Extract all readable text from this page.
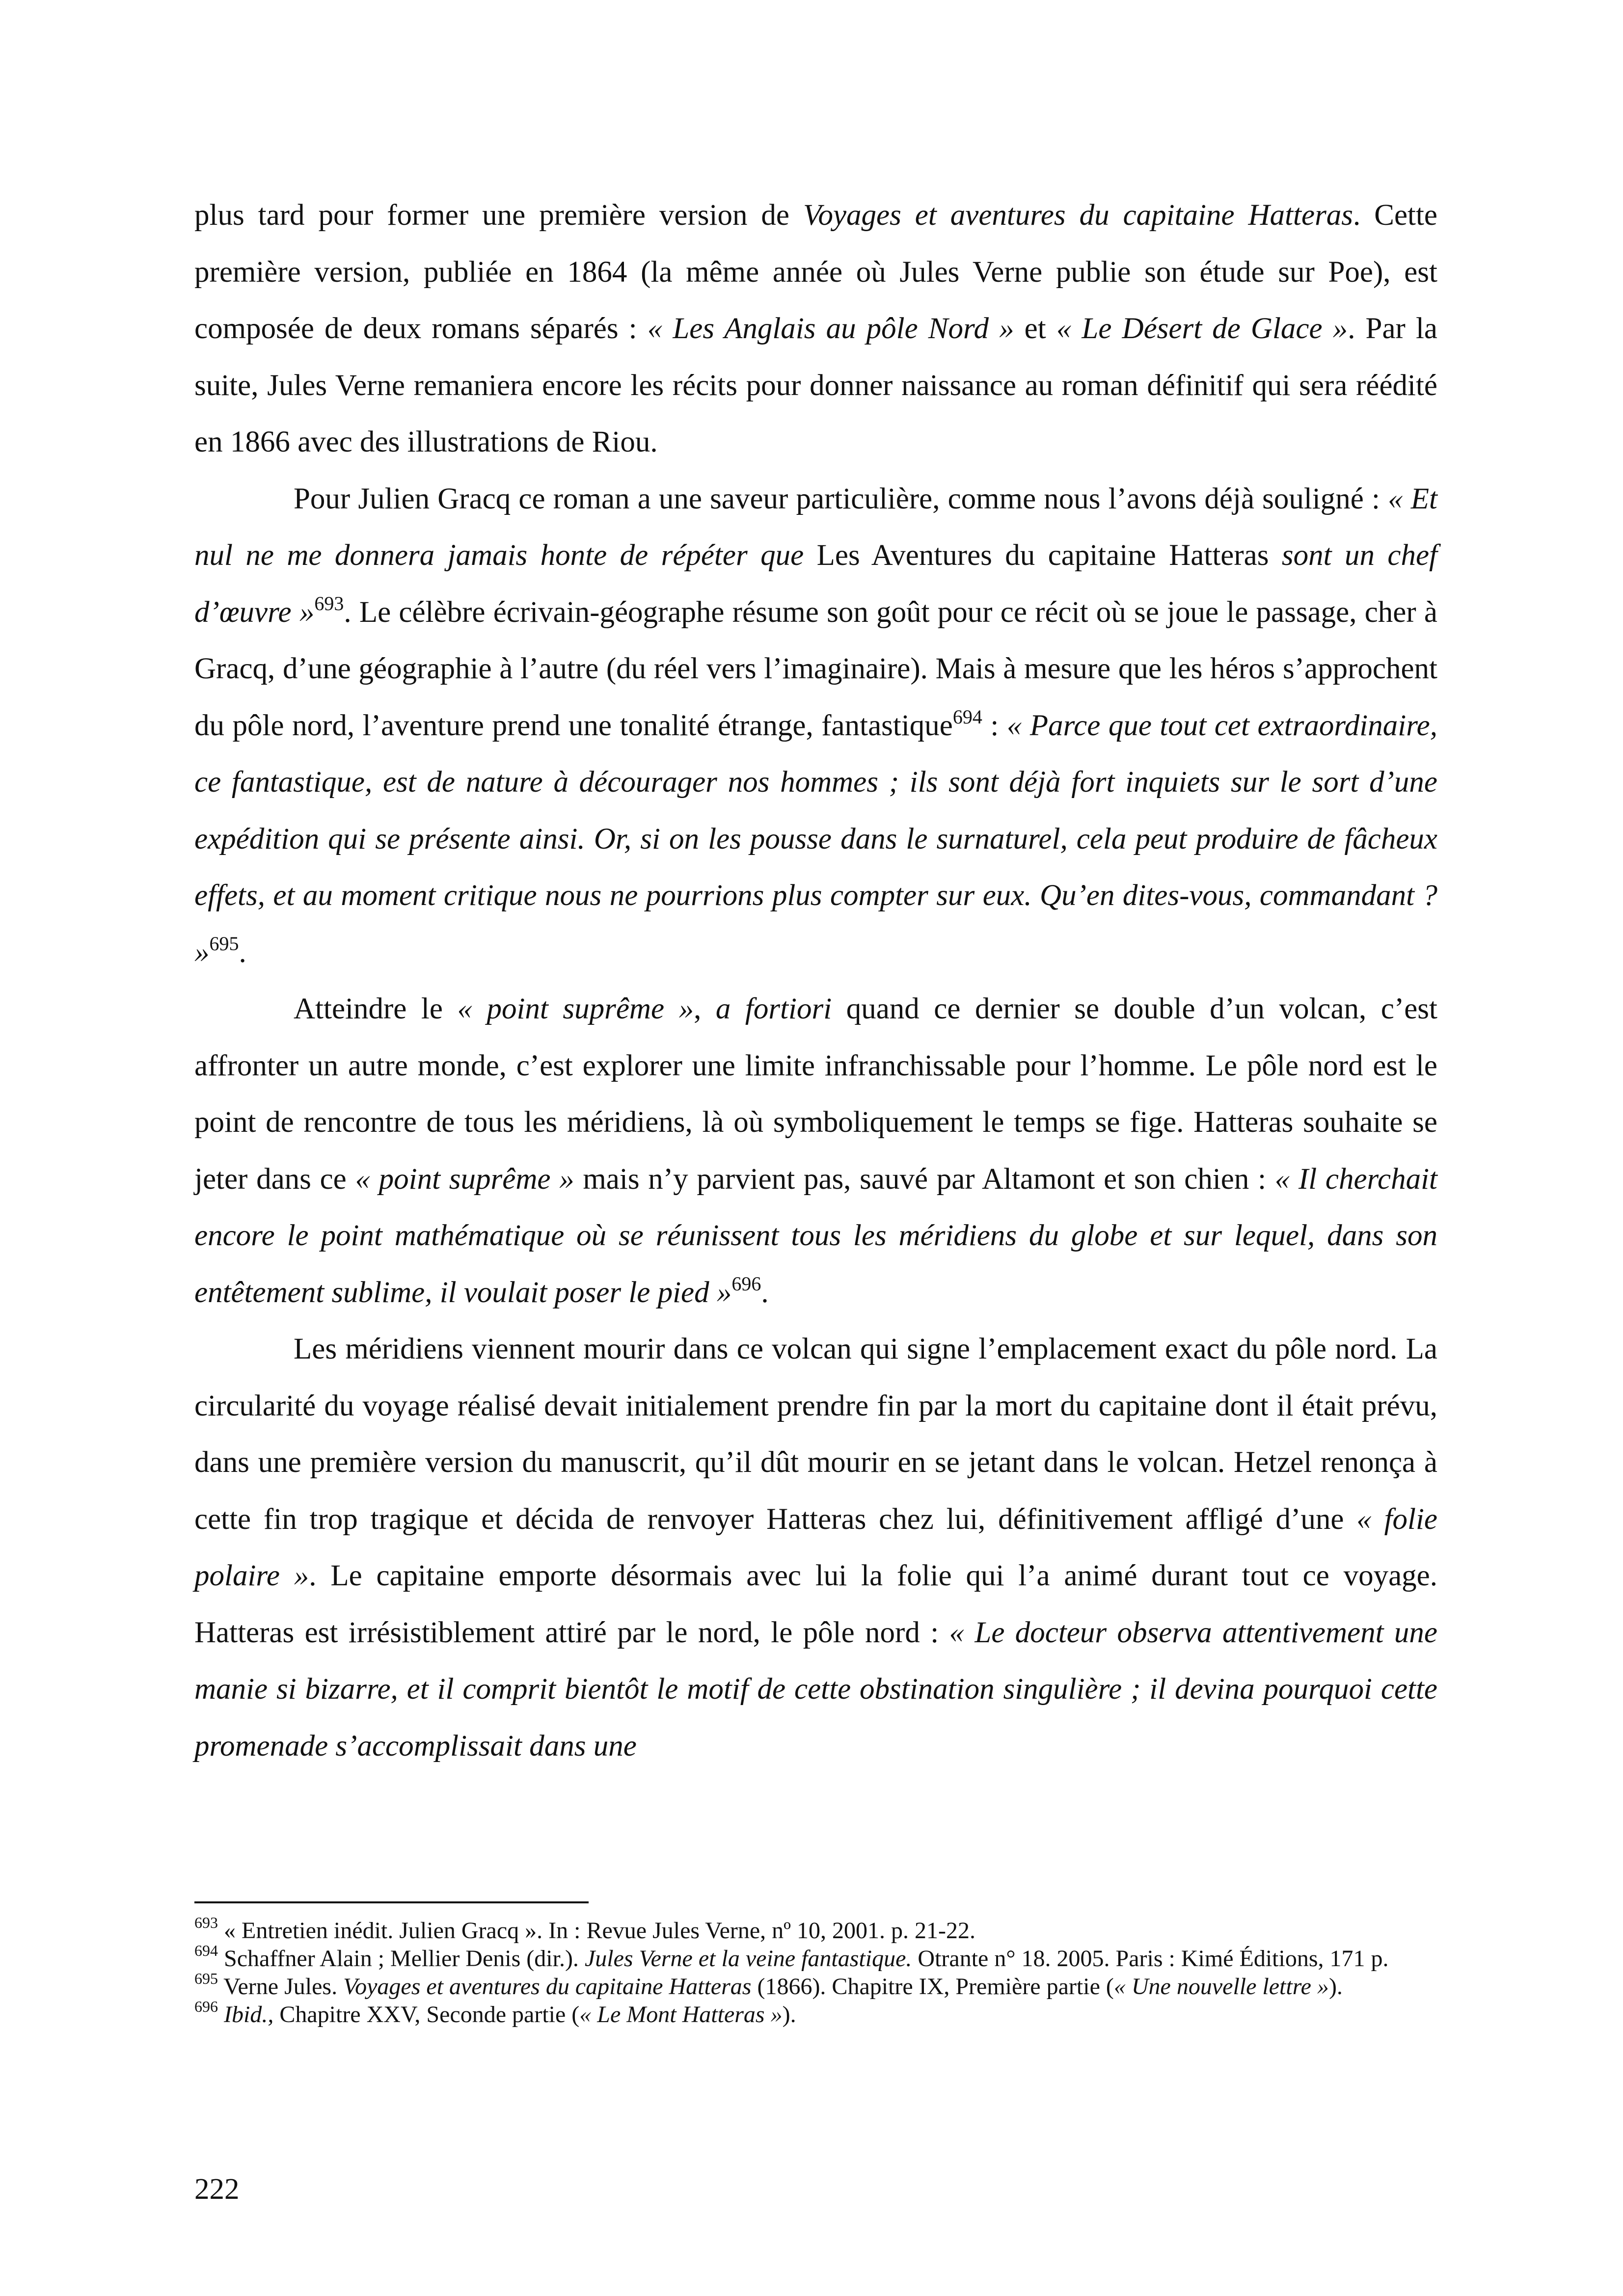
plus tard pour former une première version de Voyages et aventures du capitaine Hatteras. Cette première version, publiée en 1864 (la même année où Jules Verne publie son étude sur Poe), est composée de deux romans séparés : « Les Anglais au pôle Nord » et « Le Désert de Glace ». Par la suite, Jules Verne remaniera encore les récits pour donner naissance au roman définitif qui sera réédité en 1866 avec des illustrations de Riou.

Pour Julien Gracq ce roman a une saveur particulière, comme nous l’avons déjà souligné : « Et nul ne me donnera jamais honte de répéter que Les Aventures du capitaine Hatteras sont un chef d’œuvre »$^{693}$. Le célèbre écrivain-géographe résume son goût pour ce récit où se joue le passage, cher à Gracq, d’une géographie à l’autre (du réel vers l’imaginaire). Mais à mesure que les héros s’approchent du pôle nord, l’aventure prend une tonalité étrange, fantastique$^{694}$ : « Parce que tout cet extraordinaire, ce fantastique, est de nature à décourager nos hommes ; ils sont déjà fort inquiets sur le sort d’une expédition qui se présente ainsi. Or, si on les pousse dans le surnaturel, cela peut produire de fâcheux effets, et au moment critique nous ne pourrions plus compter sur eux. Qu’en dites-vous, commandant ? »$^{695}$.

Atteindre le « point suprême », a fortiori quand ce dernier se double d’un volcan, c’est affronter un autre monde, c’est explorer une limite infranchissable pour l’homme. Le pôle nord est le point de rencontre de tous les méridiens, là où symboliquement le temps se fige. Hatteras souhaite se jeter dans ce « point suprême » mais n’y parvient pas, sauvé par Altamont et son chien : « Il cherchait encore le point mathématique où se réunissent tous les méridiens du globe et sur lequel, dans son entêtement sublime, il voulait poser le pied »$^{696}$.

Les méridiens viennent mourir dans ce volcan qui signe l’emplacement exact du pôle nord. La circularité du voyage réalisé devait initialement prendre fin par la mort du capitaine dont il était prévu, dans une première version du manuscrit, qu’il dût mourir en se jetant dans le volcan. Hetzel renonça à cette fin trop tragique et décida de renvoyer Hatteras chez lui, définitivement affligé d’une « folie polaire ». Le capitaine emporte désormais avec lui la folie qui l’a animé durant tout ce voyage. Hatteras est irrésistiblement attiré par le nord, le pôle nord : « Le docteur observa attentivement une manie si bizarre, et il comprit bientôt le motif de cette obstination singulière ; il devina pourquoi cette promenade s’accomplissait dans une

$^{693}$ « Entretien inédit. Julien Gracq ». In : Revue Jules Verne, nº 10, 2001. p. 21-22.

$^{694}$ Schaffner Alain ; Mellier Denis (dir.). Jules Verne et la veine fantastique. Otrante n° 18. 2005. Paris : Kimé Éditions, 171 p.

$^{695}$ Verne Jules. Voyages et aventures du capitaine Hatteras (1866). Chapitre IX, Première partie (« Une nouvelle lettre »).

$^{696}$ Ibid., Chapitre XXV, Seconde partie (« Le Mont Hatteras »).

222
